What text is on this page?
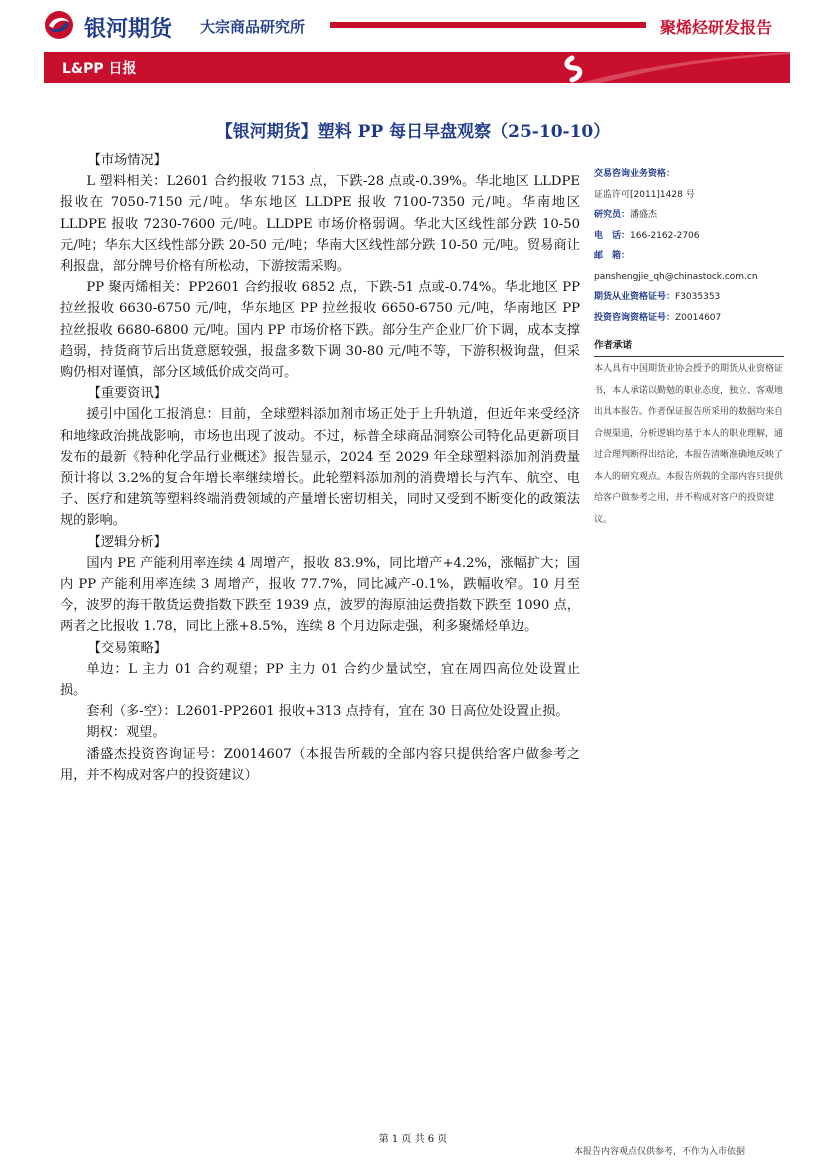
银河期货 大宗商品研究所	聚烯烃研发报告
L&PP 日报
【银河期货】塑料 PP 每日早盘观察（25-10-10）

【市场情况】

L 塑料相关：L2601 合约报收 7153 点，下跌-28 点或-0.39%。华北地区 LLDPE 报收在 7050-7150 元/吨。华东地区 LLDPE 报收 7100-7350 元/吨。华南地区 LLDPE 报收 7230-7600 元/吨。LLDPE 市场价格弱调。华北大区线性部分跌 10-50 元/吨；华东大区线性部分跌 20-50 元/吨；华南大区线性部分跌 10-50 元/吨。贸易商让利报盘，部分牌号价格有所松动，下游按需采购。

PP 聚丙烯相关：PP2601 合约报收 6852 点，下跌-51 点或-0.74%。华北地区 PP 拉丝报收 6630-6750 元/吨，华东地区 PP 拉丝报收 6650-6750 元/吨，华南地区 PP 拉丝报收 6680-6800 元/吨。国内 PP 市场价格下跌。部分生产企业厂价下调，成本支撑趋弱，持货商节后出货意愿较强，报盘多数下调 30-80 元/吨不等，下游积极询盘，但采购仍相对谨慎，部分区域低价成交尚可。

【重要资讯】

援引中国化工报消息：目前，全球塑料添加剂市场正处于上升轨道，但近年来受经济和地缘政治挑战影响，市场也出现了波动。不过，标普全球商品洞察公司特化品更新项目发布的最新《特种化学品行业概述》报告显示，2024 至 2029 年全球塑料添加剂消费量预计将以 3.2%的复合年增长率继续增长。此轮塑料添加剂的消费增长与汽车、航空、电子、医疗和建筑等塑料终端消费领域的产量增长密切相关，同时又受到不断变化的政策法规的影响。

【逻辑分析】

国内 PE 产能利用率连续 4 周增产，报收 83.9%，同比增产+4.2%，涨幅扩大；国内 PP 产能利用率连续 3 周增产，报收 77.7%，同比减产-0.1%，跌幅收窄。10 月至今，波罗的海干散货运费指数下跌至 1939 点，波罗的海原油运费指数下跌至 1090 点，两者之比报收 1.78，同比上涨+8.5%，连续 8 个月边际走强，利多聚烯烃单边。

【交易策略】

单边：L 主力 01 合约观望；PP 主力 01 合约少量试空，宜在周四高位处设置止损。

套利（多-空）：L2601-PP2601 报收+313 点持有，宜在 30 日高位处设置止损。

期权：观望。

潘盛杰投资咨询证号：Z0014607（本报告所载的全部内容只提供给客户做参考之用，并不构成对客户的投资建议）

交易咨询业务资格：
证监许可[2011]1428 号
研究员：潘盛杰
电　话：166-2162-2706
邮　箱：
panshengjie_qh@chinastock.com.cn
期货从业资格证号：F3035353
投资咨询资格证号：Z0014607
作者承诺
本人具有中国期货业协会授予的期货从业资格证书，本人承诺以勤勉的职业态度，独立、客观地出具本报告。作者保证报告所采用的数据均来自合规渠道，分析逻辑均基于本人的职业理解，通过合理判断得出结论，本报告清晰准确地反映了本人的研究观点。本报告所载的全部内容只提供给客户做参考之用，并不构成对客户的投资建议。
第 1 页 共 6 页
本报告内容观点仅供参考，不作为入市依据
